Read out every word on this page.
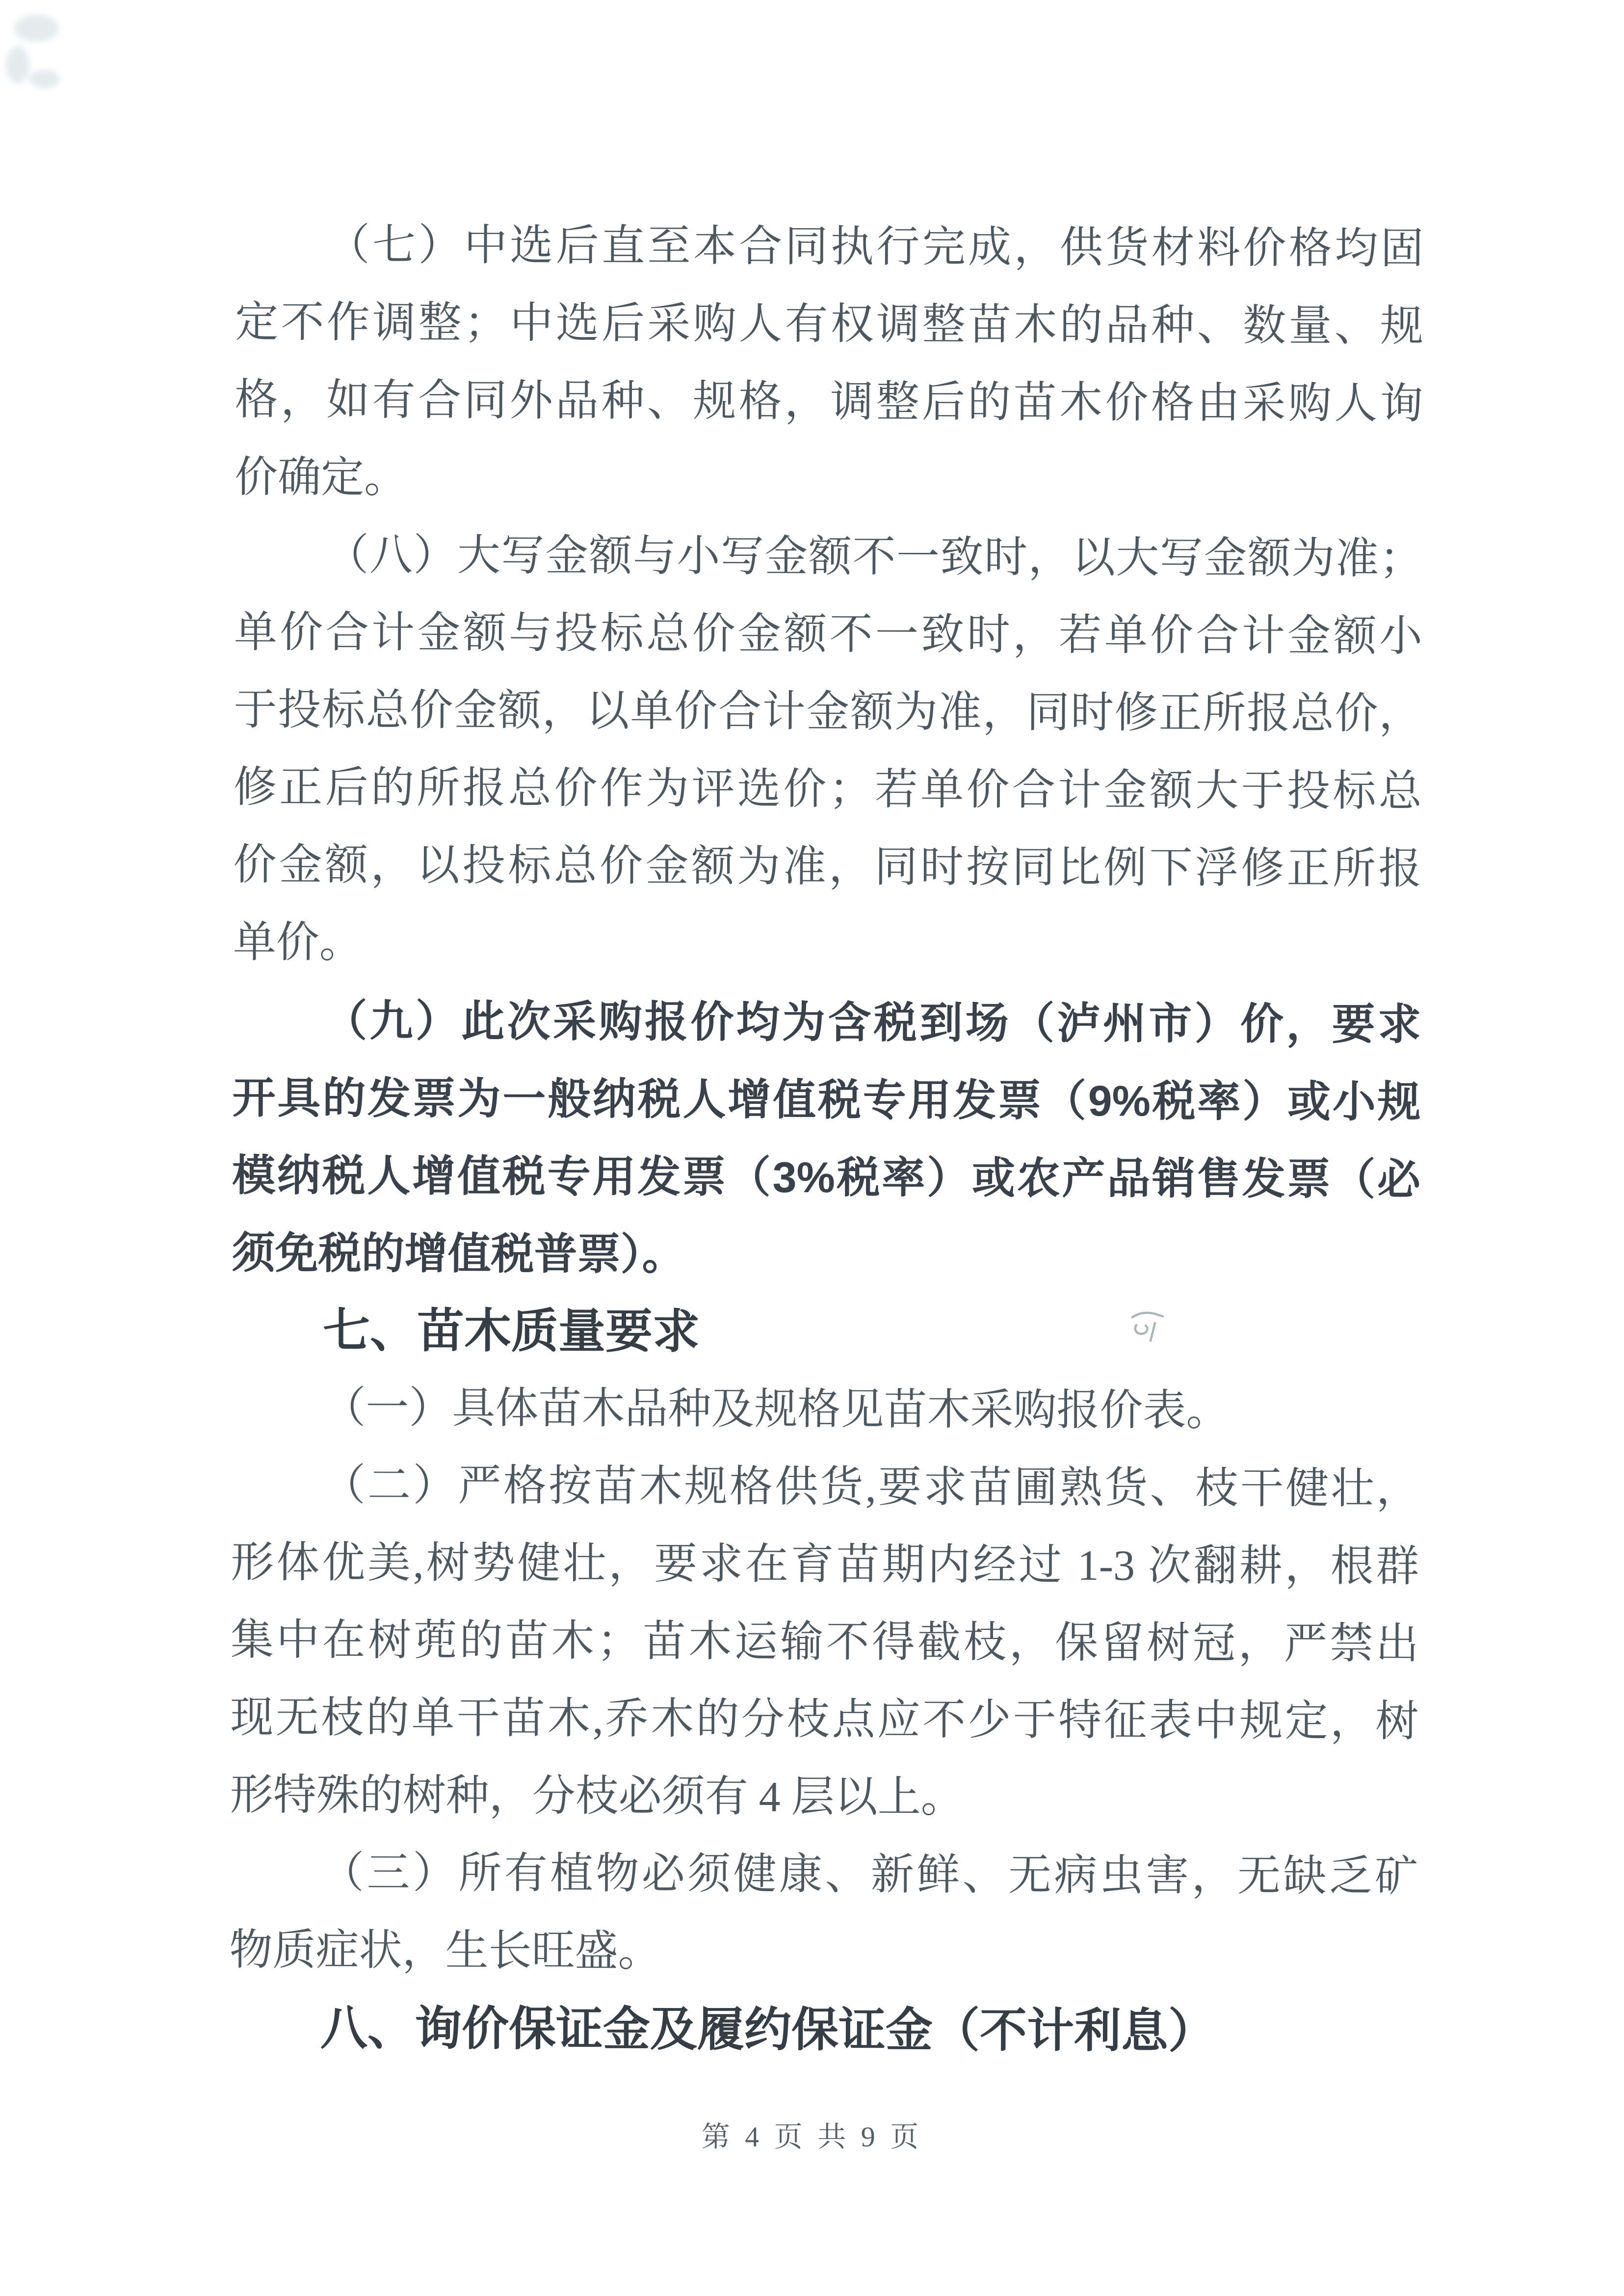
（七）中选后直至本合同执行完成，供货材料价格均固
定不作调整；中选后采购人有权调整苗木的品种、数量、规
格，如有合同外品种、规格，调整后的苗木价格由采购人询
价确定。
（八）大写金额与小写金额不一致时，以大写金额为准；
单价合计金额与投标总价金额不一致时，若单价合计金额小
于投标总价金额，以单价合计金额为准，同时修正所报总价，
修正后的所报总价作为评选价；若单价合计金额大于投标总
价金额，以投标总价金额为准，同时按同比例下浮修正所报
单价。
（九）此次采购报价均为含税到场（泸州市）价，要求
开具的发票为一般纳税人增值税专用发票（9%税率）或小规
模纳税人增值税专用发票（3%税率）或农产品销售发票（必
须免税的增值税普票）。
七、苗木质量要求
（一）具体苗木品种及规格见苗木采购报价表。
（二）严格按苗木规格供货,要求苗圃熟货、枝干健壮，
形体优美,树势健壮，要求在育苗期内经过 1-3 次翻耕，根群
集中在树蔸的苗木；苗木运输不得截枝，保留树冠，严禁出
现无枝的单干苗木,乔木的分枝点应不少于特征表中规定，树
形特殊的树种，分枝必须有 4 层以上。
（三）所有植物必须健康、新鲜、无病虫害，无缺乏矿
物质症状，生长旺盛。
八、询价保证金及履约保证金（不计利息）
第 4 页 共 9 页
